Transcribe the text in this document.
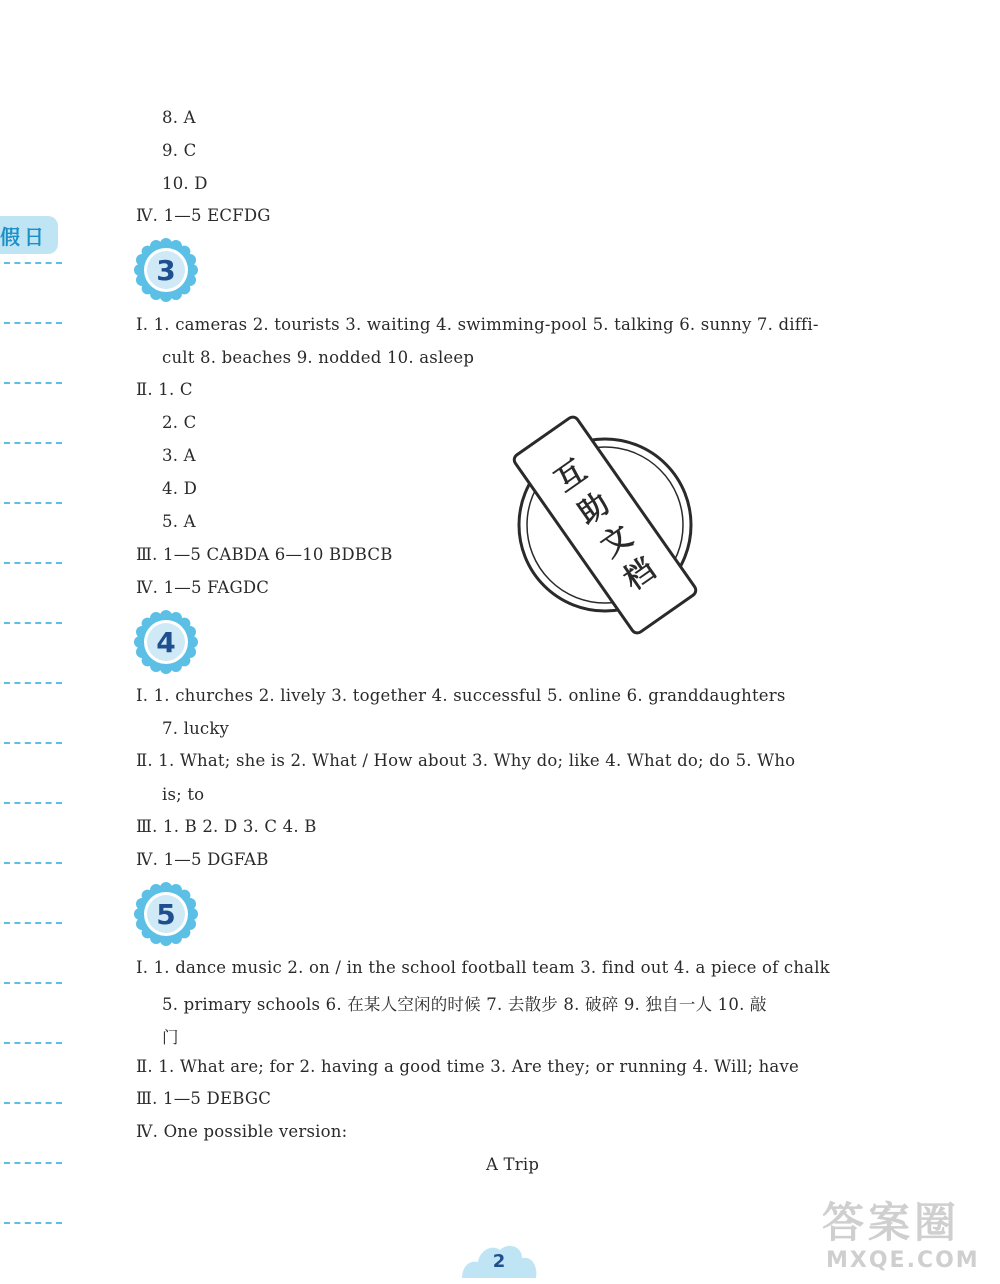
假日
3
4
5
8. A
9. C
10. D
Ⅳ. 1—5 ECFDG
Ⅰ. 1. cameras 2. tourists 3. waiting 4. swimming-pool 5. talking 6. sunny 7. diffi-
cult 8. beaches 9. nodded 10. asleep
Ⅱ. 1. C
2. C
3. A
4. D
5. A
Ⅲ. 1—5 CABDA 6—10 BDBCB
Ⅳ. 1—5 FAGDC
Ⅰ. 1. churches 2. lively 3. together 4. successful 5. online 6. granddaughters
7. lucky
Ⅱ. 1. What; she is 2. What / How about 3. Why do; like 4. What do; do 5. Who
is; to
Ⅲ. 1. B 2. D 3. C 4. B
Ⅳ. 1—5 DGFAB
Ⅰ. 1. dance music 2. on / in the school football team 3. find out 4. a piece of chalk
5. primary schools 6. 在某人空闲的时候 7. 去散步 8. 破碎 9. 独自一人 10. 敲
门
Ⅱ. 1. What are; for 2. having a good time 3. Are they; or running 4. Will; have
Ⅲ. 1—5 DEBGC
Ⅳ. One possible version:
A Trip
互
助
文
档
2
答案圈
MXQE.COM
